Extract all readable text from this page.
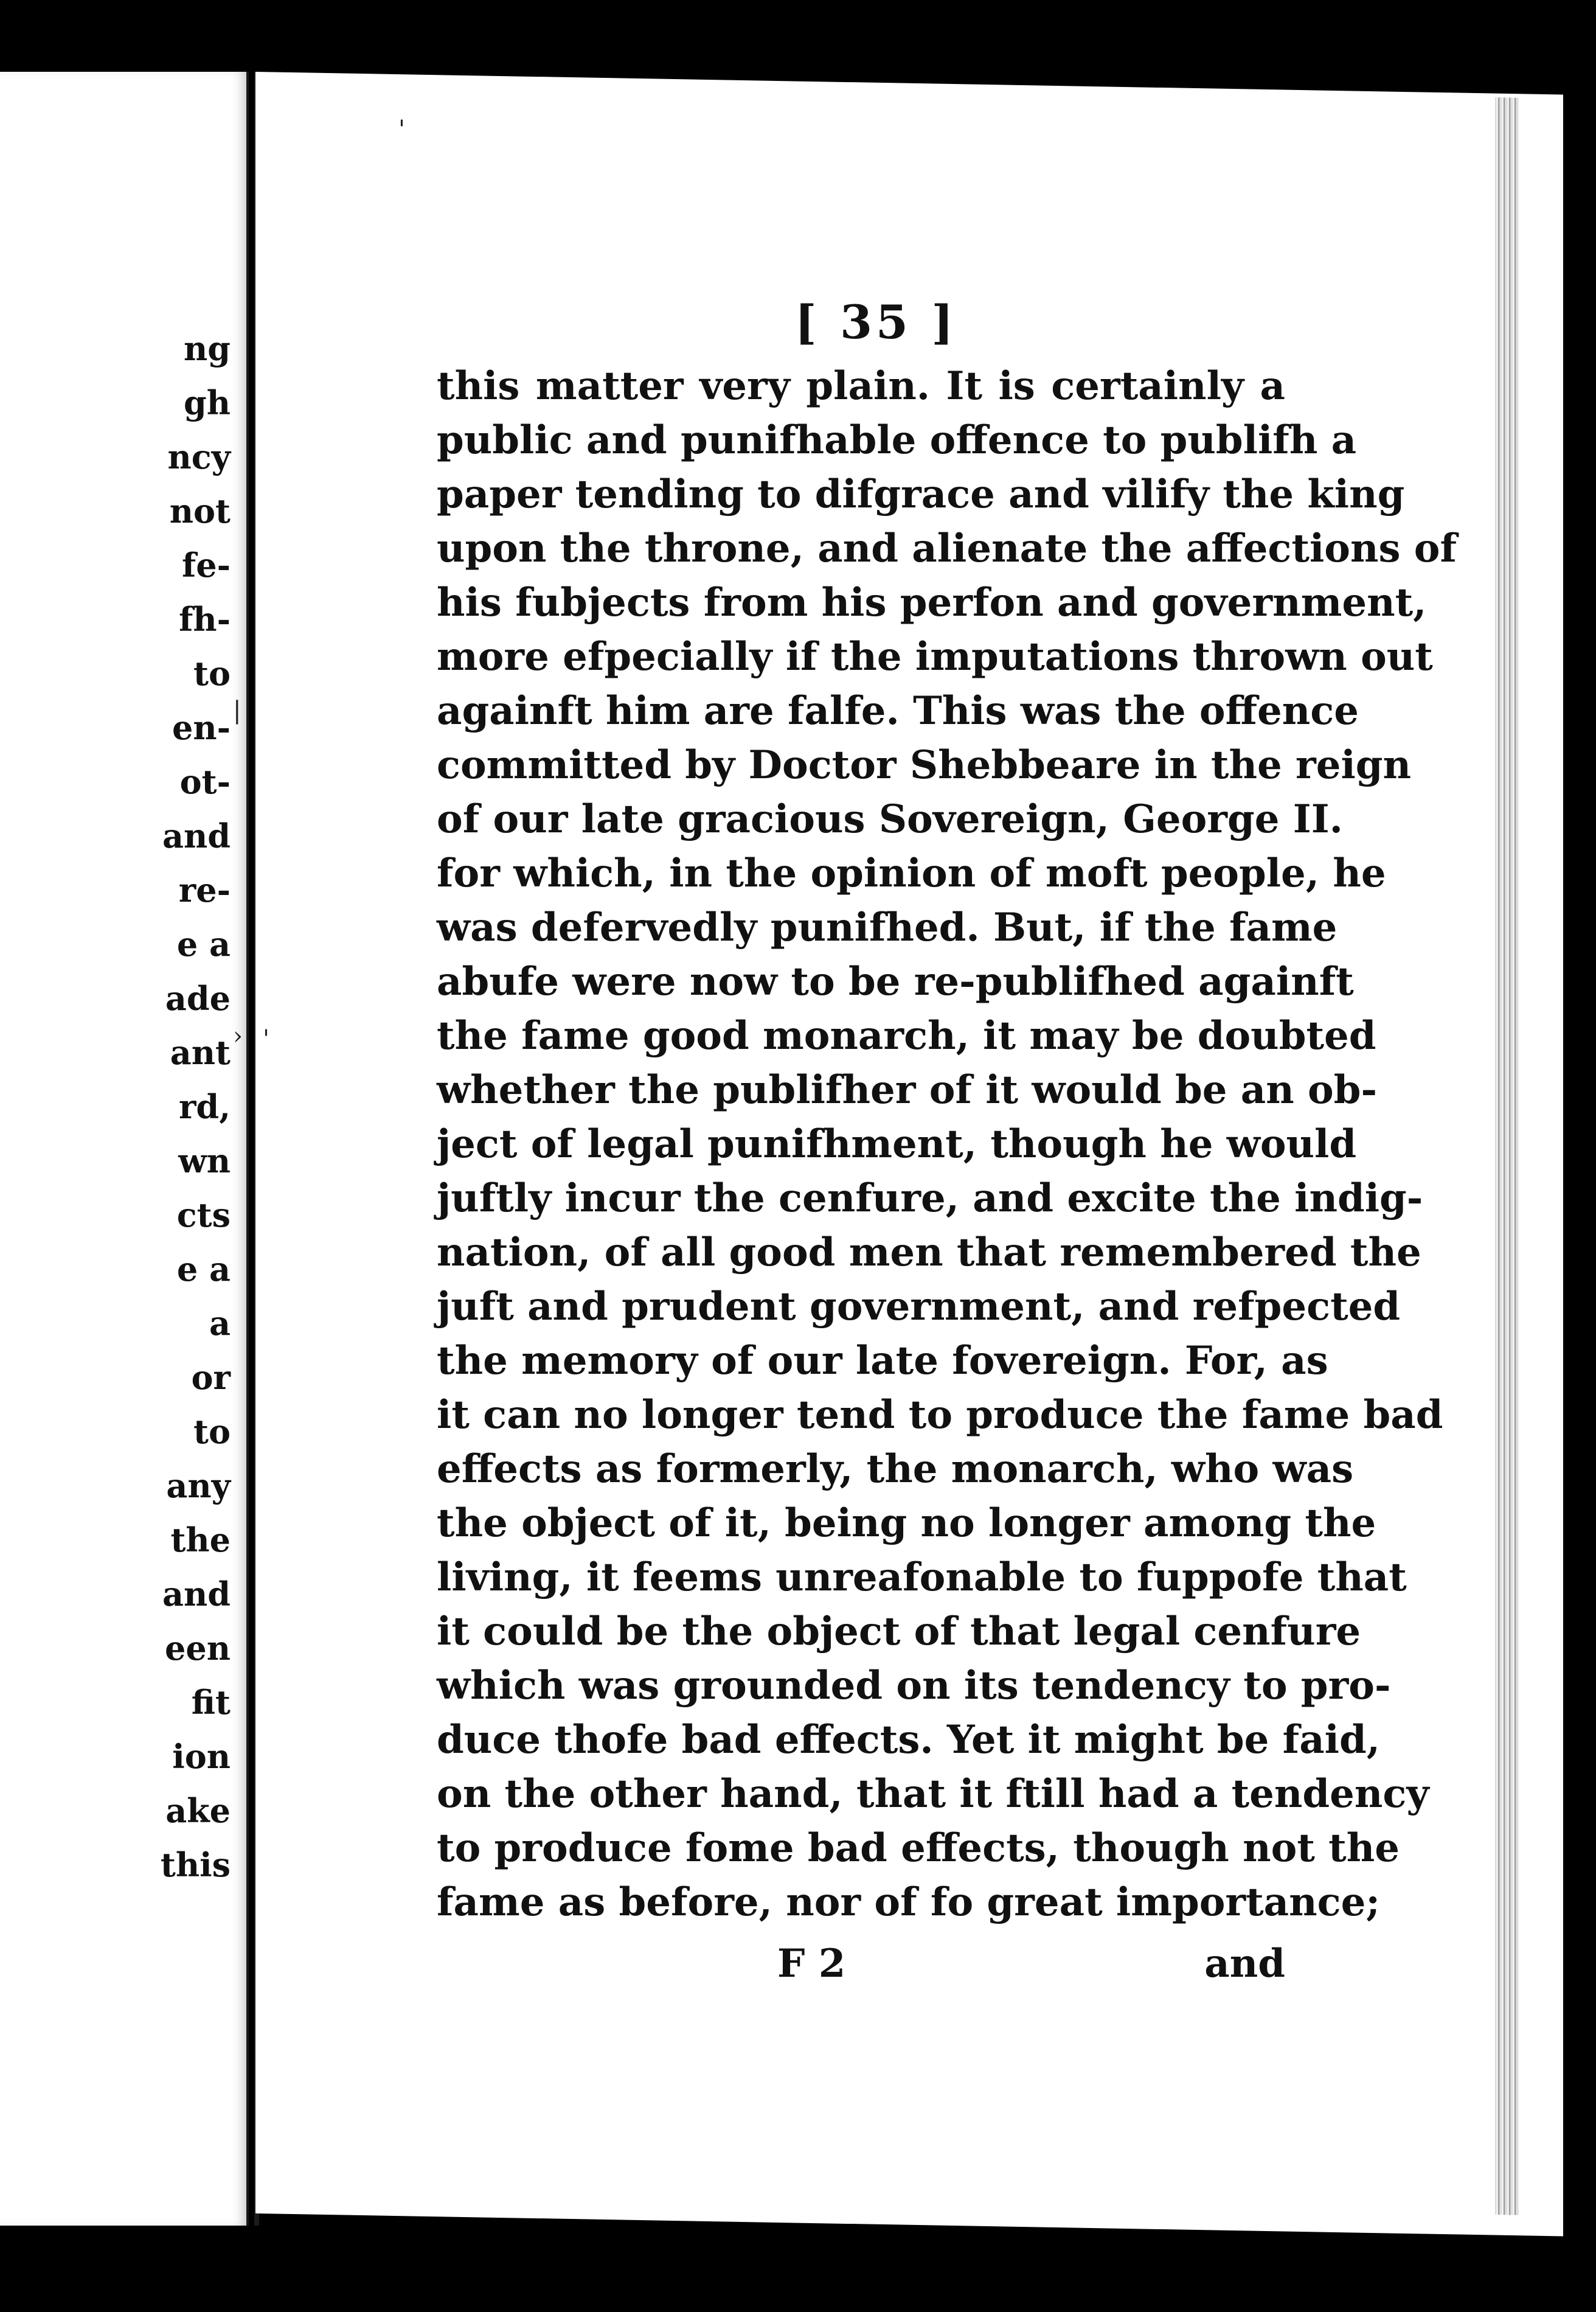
ng
gh
ncy
not
fe-
fh-
to
en-
ot-
and
re-
e a
ade
ant
rd,
wn
cts
e a
a
or
to
any
the
and
een
fit
ion
ake
this
'
|
› '
[ 35 ]
this matter very plain. It is certainly a
public and punifhable offence to publifh a
paper tending to difgrace and vilify the king
upon the throne, and alienate the affections of
his fubjects from his perfon and government,
more efpecially if the imputations thrown out
againft him are falfe. This was the offence
committed by Doctor Shebbeare in the reign
of our late gracious Sovereign, George II.
for which, in the opinion of moft people, he
was defervedly punifhed. But, if the fame
abufe were now to be re-publifhed againft
the fame good monarch, it may be doubted
whether the publifher of it would be an ob-
ject of legal punifhment, though he would
juftly incur the cenfure, and excite the indig-
nation, of all good men that remembered the
juft and prudent government, and refpected
the memory of our late fovereign. For, as
it can no longer tend to produce the fame bad
effects as formerly, the monarch, who was
the object of it, being no longer among the
living, it feems unreafonable to fuppofe that
it could be the object of that legal cenfure
which was grounded on its tendency to pro-
duce thofe bad effects. Yet it might be faid,
on the other hand, that it ftill had a tendency
to produce fome bad effects, though not the
fame as before, nor of fo great importance;
F 2	and
